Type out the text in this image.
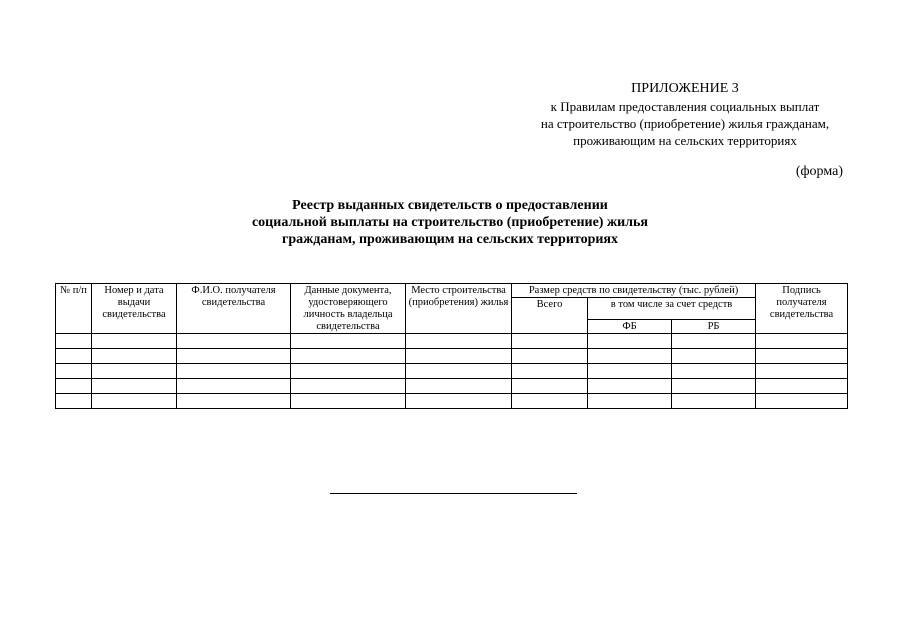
ПРИЛОЖЕНИЕ 3
к Правилам предоставления социальных выплат
на строительство (приобретение) жилья гражданам,
проживающим на сельских территориях
(форма)
Реестр выданных свидетельств о предоставлении
социальной выплаты на строительство (приобретение) жилья
гражданам, проживающим на сельских территориях
№ п/п	Номер и дата выдачи свидетельства	Ф.И.О. получателя свидетельства	Данные документа, удостоверяющего личность владельца свидетельства	Место строительства (приобретения) жилья	Размер средств по свидетельству (тыс. рублей)			Подпись получателя свидетельства
					Всего	в том числе за счет средств		
						ФБ	РБ	
